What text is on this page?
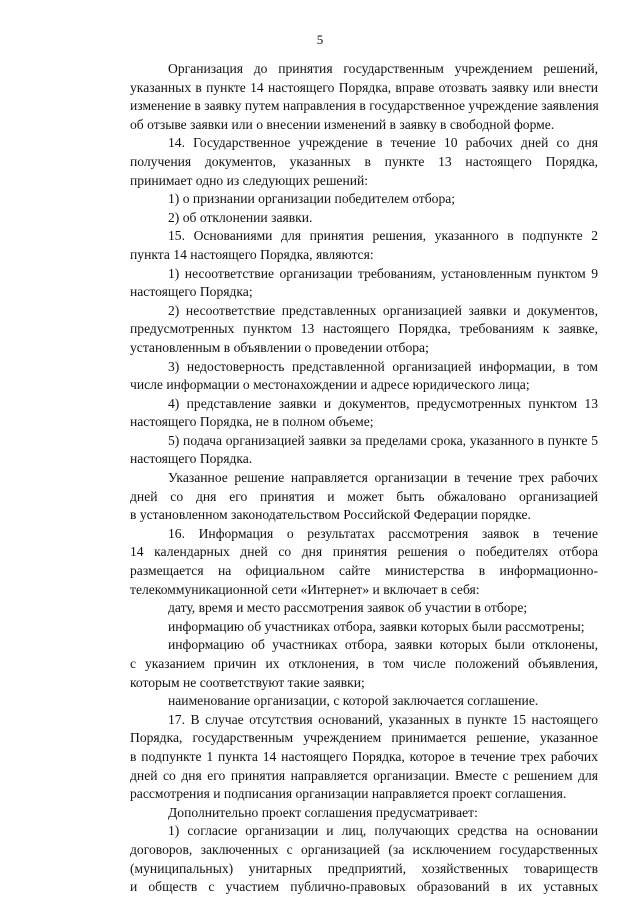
5

Организация до принятия государственным учреждением решений,
указанных в пункте 14 настоящего Порядка, вправе отозвать заявку или внести
изменение в заявку путем направления в государственное учреждение заявления
об отзыве заявки или о внесении изменений в заявку в свободной форме.

14. Государственное учреждение в течение 10 рабочих дней со дня
получения документов, указанных в пункте 13 настоящего Порядка,
принимает одно из следующих решений:

1) о признании организации победителем отбора;

2) об отклонении заявки.

15. Основаниями для принятия решения, указанного в подпункте 2
пункта 14 настоящего Порядка, являются:

1) несоответствие организации требованиям, установленным пунктом 9
настоящего Порядка;

2) несоответствие представленных организацией заявки и документов,
предусмотренных пунктом 13 настоящего Порядка, требованиям к заявке,
установленным в объявлении о проведении отбора;

3) недостоверность представленной организацией информации, в том
числе информации о местонахождении и адресе юридического лица;

4) представление заявки и документов, предусмотренных пунктом 13
настоящего Порядка, не в полном объеме;

5) подача организацией заявки за пределами срока, указанного в пункте 5
настоящего Порядка.

Указанное решение направляется организации в течение трех рабочих
дней со дня его принятия и может быть обжаловано организацией
в установленном законодательством Российской Федерации порядке.

16. Информация о результатах рассмотрения заявок в течение
14 календарных дней со дня принятия решения о победителях отбора
размещается на официальном сайте министерства в информационно-
телекоммуникационной сети «Интернет» и включает в себя:

дату, время и место рассмотрения заявок об участии в отборе;

информацию об участниках отбора, заявки которых были рассмотрены;

информацию об участниках отбора, заявки которых были отклонены,
с указанием причин их отклонения, в том числе положений объявления,
которым не соответствуют такие заявки;

наименование организации, с которой заключается соглашение.

17. В случае отсутствия оснований, указанных в пункте 15 настоящего
Порядка, государственным учреждением принимается решение, указанное
в подпункте 1 пункта 14 настоящего Порядка, которое в течение трех рабочих
дней со дня его принятия направляется организации. Вместе с решением для
рассмотрения и подписания организации направляется проект соглашения.

Дополнительно проект соглашения предусматривает:

1) согласие организации и лиц, получающих средства на основании
договоров, заключенных с организацией (за исключением государственных
(муниципальных) унитарных предприятий, хозяйственных товариществ
и обществ с участием публично-правовых образований в их уставных
